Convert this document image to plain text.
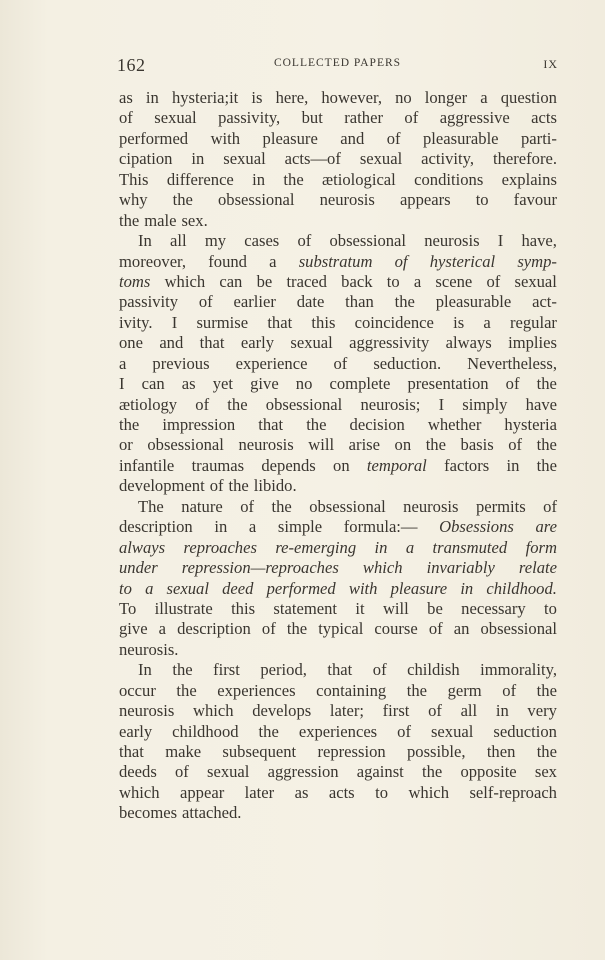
162	COLLECTED PAPERS	IX
as in hysteria;it is here, however, no longer a question
of sexual passivity, but rather of aggressive acts
performed with pleasure and of pleasurable parti-
cipation in sexual acts—of sexual activity, therefore.
This difference in the ætiological conditions explains
why the obsessional neurosis appears to favour
the male sex.
In all my cases of obsessional neurosis I have,
moreover, found a substratum of hysterical symp-
toms which can be traced back to a scene of sexual
passivity of earlier date than the pleasurable act-
ivity. I surmise that this coincidence is a regular
one and that early sexual aggressivity always implies
a previous experience of seduction. Nevertheless,
I can as yet give no complete presentation of the
ætiology of the obsessional neurosis; I simply have
the impression that the decision whether hysteria
or obsessional neurosis will arise on the basis of the
infantile traumas depends on temporal factors in the
development of the libido.
The nature of the obsessional neurosis permits of
description in a simple formula:— Obsessions are
always reproaches re-emerging in a transmuted form
under repression—reproaches which invariably relate
to a sexual deed performed with pleasure in childhood.
To illustrate this statement it will be necessary to
give a description of the typical course of an obsessional
neurosis.
In the first period, that of childish immorality,
occur the experiences containing the germ of the
neurosis which develops later; first of all in very
early childhood the experiences of sexual seduction
that make subsequent repression possible, then the
deeds of sexual aggression against the opposite sex
which appear later as acts to which self-reproach
becomes attached.
